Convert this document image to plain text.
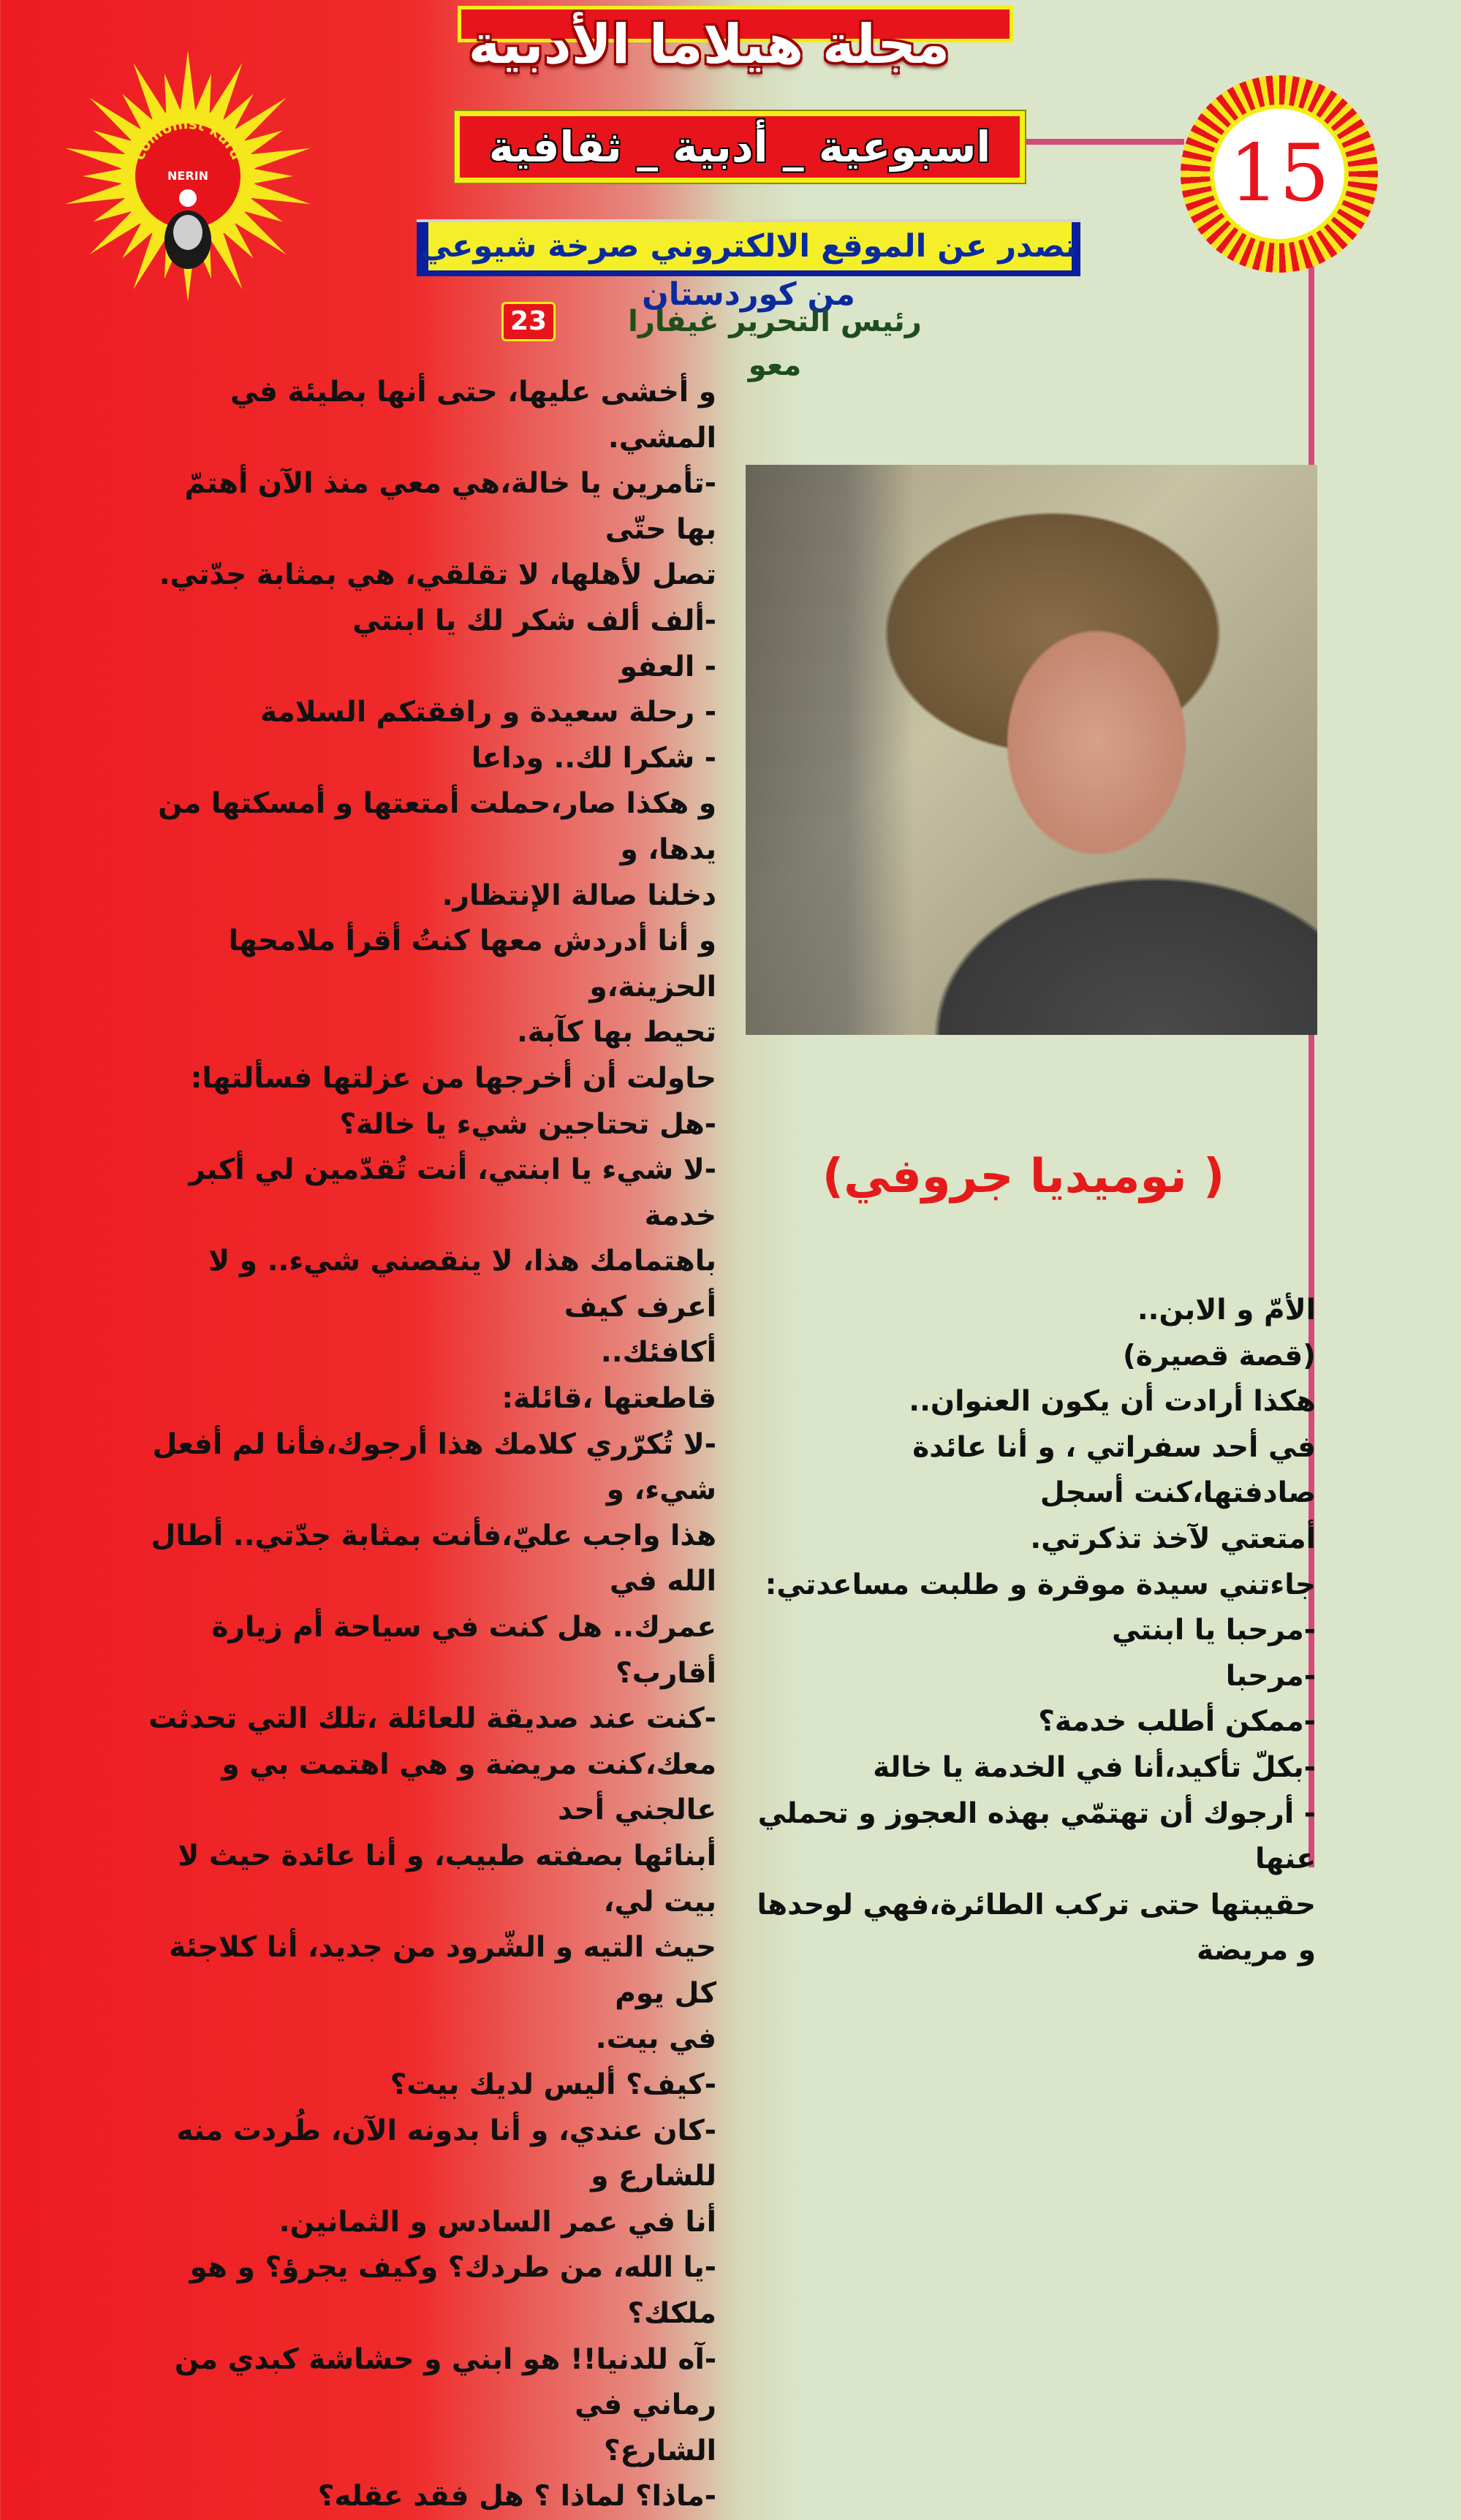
مجلة هيلاما الأدبية
اسبوعية _ أدبية _ ثقافية	15
تصدر عن الموقع الالكتروني صرخة شيوعي من كوردستان
رئيس التحرير غيفارا معو
23
comonist kurd
NERIN
( نوميديا جروفي)

و أخشى عليها، حتى أنها بطيئة في المشي.

-تأمرين يا خالة،هي معي منذ الآن أهتمّ بها حتّى

تصل لأهلها، لا تقلقي، هي بمثابة جدّتي.

-ألف ألف شكر لك يا ابنتي

- العفو

- رحلة سعيدة و رافقتكم السلامة

- شكرا لك.. وداعا

و هكذا صار،حملت أمتعتها و أمسكتها من يدها، و

دخلنا صالة الإنتظار.

و أنا أدردش معها كنتُ أقرأ ملامحها الحزينة،و

تحيط بها كآبة.

حاولت أن أخرجها من عزلتها فسألتها:

-هل تحتاجين شيء يا خالة؟

-لا شيء يا ابنتي، أنت تُقدّمين لي أكبر خدمة

باهتمامك هذا، لا ينقصني شيء.. و لا أعرف كيف

أكافئك..

قاطعتها ،قائلة:

-لا تُكرّري كلامك هذا أرجوك،فأنا لم أفعل شيء، و

هذا واجب عليّ،فأنت بمثابة جدّتي.. أطال الله في

عمرك.. هل كنت في سياحة أم زيارة أقارب؟

-كنت عند صديقة للعائلة ،تلك التي تحدثت

معك،كنت مريضة و هي اهتمت بي و عالجني أحد

أبنائها بصفته طبيب، و أنا عائدة حيث لا بيت لي،

حيث التيه و الشّرود من جديد، أنا كلاجئة كل يوم

في بيت.

-كيف؟ أليس لديك بيت؟

-كان عندي، و أنا بدونه الآن، طُردت منه للشارع و

أنا في عمر السادس و الثمانين.

-يا الله، من طردك؟ وكيف يجرؤ؟ و هو ملكك؟

-آه للدنيا!! هو ابني و حشاشة كبدي من رماني في

الشارع؟

-ماذا؟ لماذا ؟ هل فقد عقله؟

الأمّ و الابن..

(قصة قصيرة)

هكذا أرادت أن يكون العنوان..

في أحد سفراتي ، و أنا عائدة صادفتها،كنت أسجل

أمتعتي لآخذ تذكرتي.

جاءتني سيدة موقرة و طلبت مساعدتي:

-مرحبا يا ابنتي

-مرحبا

-ممكن أطلب خدمة؟

-بكلّ تأكيد،أنا في الخدمة يا خالة

- أرجوك أن تهتمّي بهذه العجوز و تحملي عنها

حقيبتها حتى تركب الطائرة،فهي لوحدها و مريضة
